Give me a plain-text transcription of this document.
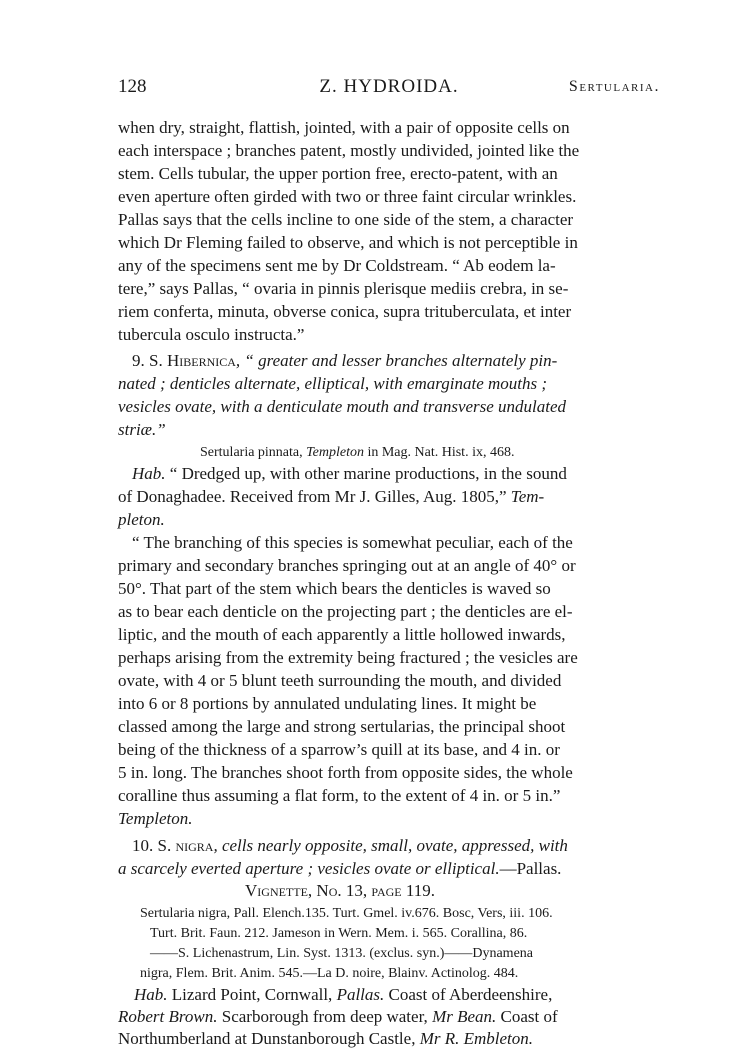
128	Z. HYDROIDA.	Sertularia.
when dry, straight, flattish, jointed, with a pair of opposite cells on
each interspace ; branches patent, mostly undivided, jointed like the
stem. Cells tubular, the upper portion free, erecto-patent, with an
even aperture often girded with two or three faint circular wrinkles.
Pallas says that the cells incline to one side of the stem, a character
which Dr Fleming failed to observe, and which is not perceptible in
any of the specimens sent me by Dr Coldstream. “ Ab eodem la-
tere,” says Pallas, “ ovaria in pinnis plerisque mediis crebra, in se-
riem conferta, minuta, obverse conica, supra trituberculata, et inter
tubercula osculo instructa.”
9. S. Hibernica, “ greater and lesser branches alternately pin-
nated ; denticles alternate, elliptical, with emarginate mouths ;
vesicles ovate, with a denticulate mouth and transverse undulated
striæ.”
Sertularia pinnata, Templeton in Mag. Nat. Hist. ix, 468.
Hab. “ Dredged up, with other marine productions, in the sound
of Donaghadee. Received from Mr J. Gilles, Aug. 1805,” Tem-
pleton.
“ The branching of this species is somewhat peculiar, each of the
primary and secondary branches springing out at an angle of 40° or
50°. That part of the stem which bears the denticles is waved so
as to bear each denticle on the projecting part ; the denticles are el-
liptic, and the mouth of each apparently a little hollowed inwards,
perhaps arising from the extremity being fractured ; the vesicles are
ovate, with 4 or 5 blunt teeth surrounding the mouth, and divided
into 6 or 8 portions by annulated undulating lines. It might be
classed among the large and strong sertularias, the principal shoot
being of the thickness of a sparrow’s quill at its base, and 4 in. or
5 in. long. The branches shoot forth from opposite sides, the whole
coralline thus assuming a flat form, to the extent of 4 in. or 5 in.”
Templeton.
10. S. nigra, cells nearly opposite, small, ovate, appressed, with
a scarcely everted aperture ; vesicles ovate or elliptical.—Pallas.
Vignette, No. 13, page 119.
Sertularia nigra, Pall. Elench.135. Turt. Gmel. iv.676. Bosc, Vers, iii. 106.
Turt. Brit. Faun. 212. Jameson in Wern. Mem. i. 565. Corallina, 86.
——S. Lichenastrum, Lin. Syst. 1313. (exclus. syn.)——Dynamena
nigra, Flem. Brit. Anim. 545.—La D. noire, Blainv. Actinolog. 484.
Hab. Lizard Point, Cornwall, Pallas. Coast of Aberdeenshire,
Robert Brown. Scarborough from deep water, Mr Bean. Coast of
Northumberland at Dunstanborough Castle, Mr R. Embleton.
